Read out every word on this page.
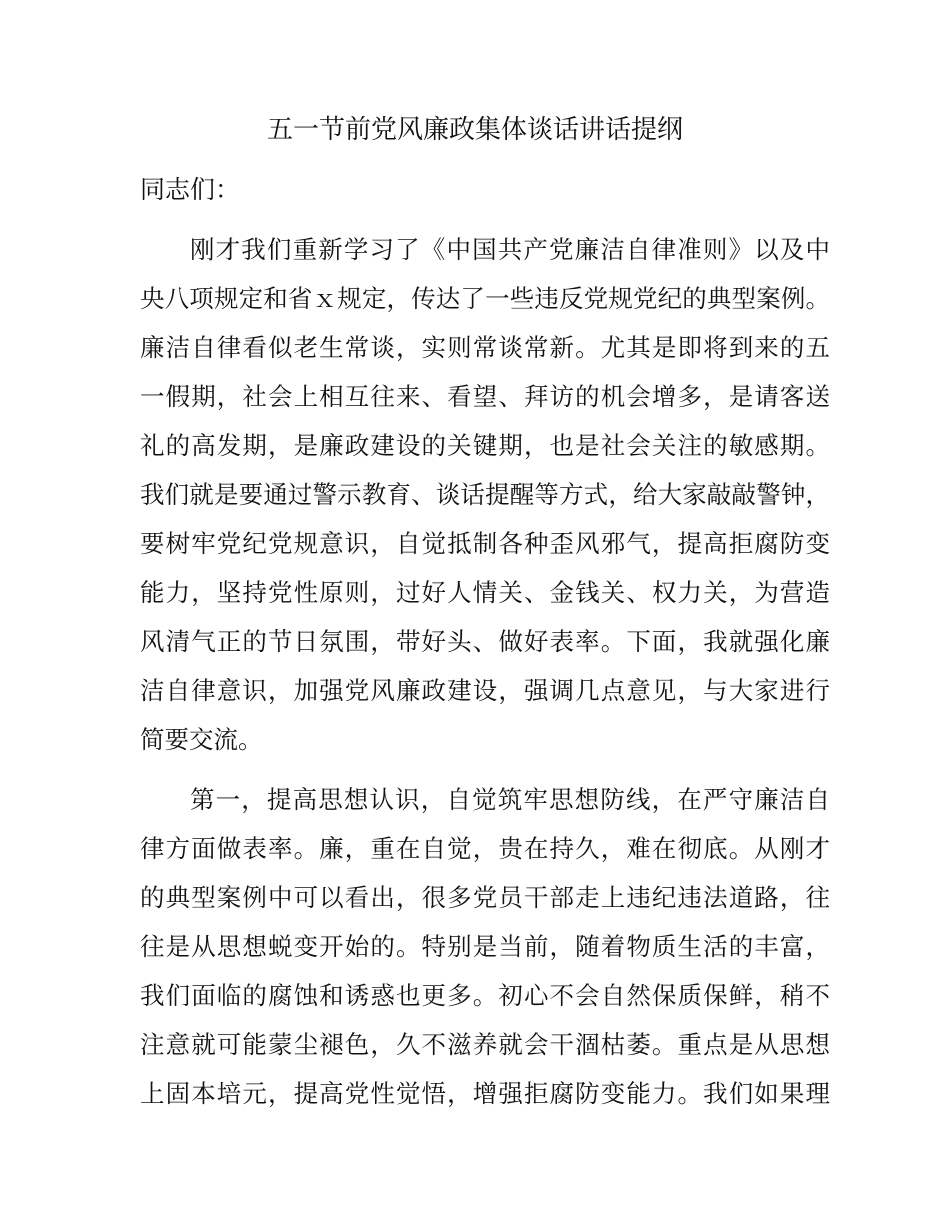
五一节前党风廉政集体谈话讲话提纲

同志们：

刚才我们重新学习了《中国共产党廉洁自律准则》以及中
央八项规定和省ｘ规定，传达了一些违反党规党纪的典型案例。
廉洁自律看似老生常谈，实则常谈常新。尤其是即将到来的五
一假期，社会上相互往来、看望、拜访的机会增多，是请客送
礼的高发期，是廉政建设的关键期，也是社会关注的敏感期。
我们就是要通过警示教育、谈话提醒等方式，给大家敲敲警钟，
要树牢党纪党规意识，自觉抵制各种歪风邪气，提高拒腐防变
能力，坚持党性原则，过好人情关、金钱关、权力关，为营造
风清气正的节日氛围，带好头、做好表率。下面，我就强化廉
洁自律意识，加强党风廉政建设，强调几点意见，与大家进行
简要交流。
第一，提高思想认识，自觉筑牢思想防线，在严守廉洁自
律方面做表率。廉，重在自觉，贵在持久，难在彻底。从刚才
的典型案例中可以看出，很多党员干部走上违纪违法道路，往
往是从思想蜕变开始的。特别是当前，随着物质生活的丰富，
我们面临的腐蚀和诱惑也更多。初心不会自然保质保鲜，稍不
注意就可能蒙尘褪色，久不滋养就会干涸枯萎。重点是从思想
上固本培元，提高党性觉悟，增强拒腐防变能力。我们如果理
